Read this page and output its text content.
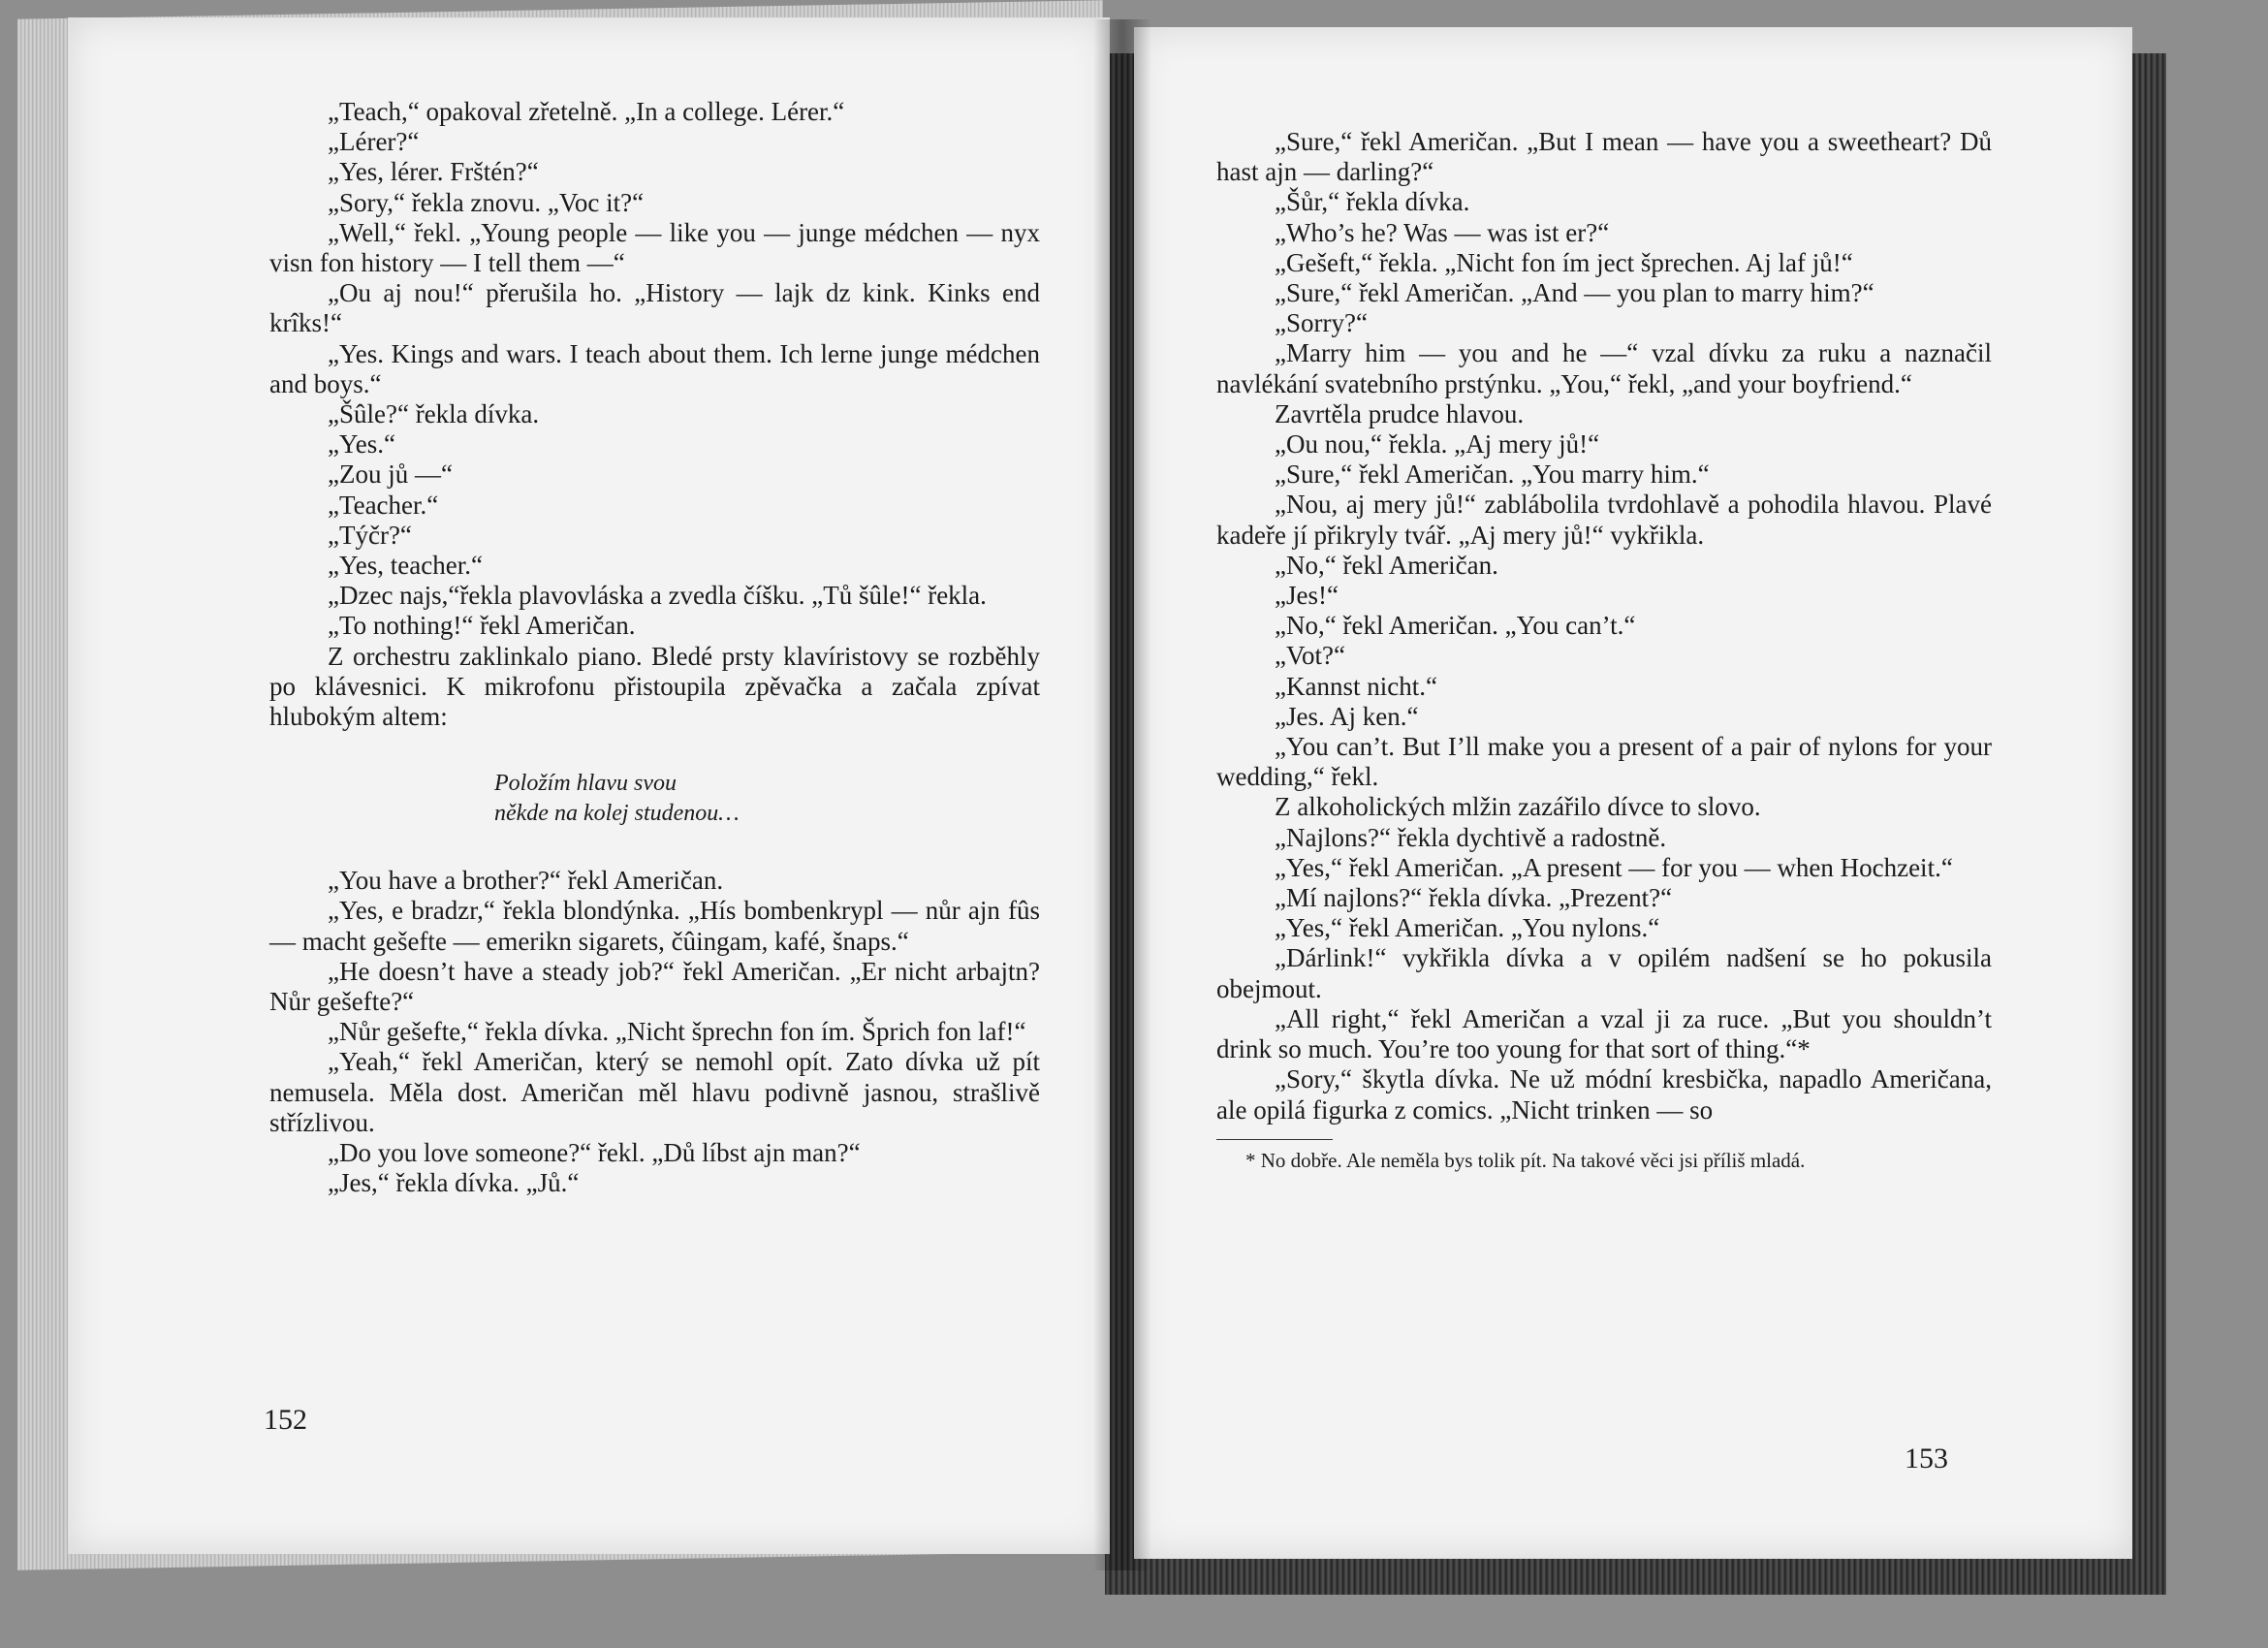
„Teach,“ opakoval zřetelně. „In a college. Lérer.“

„Lérer?“

„Yes, lérer. Frštén?“

„Sory,“ řekla znovu. „Voc it?“

„Well,“ řekl. „Young people — like you — junge médchen — nyx visn fon history — I tell them —“

„Ou aj nou!“ přerušila ho. „History — lajk dz kink. Kinks end krîks!“

„Yes. Kings and wars. I teach about them. Ich lerne junge médchen and boys.“

„Šûle?“ řekla dívka.

„Yes.“

„Zou jů —“

„Teacher.“

„Týčr?“

„Yes, teacher.“

„Dzec najs,“řekla plavovláska a zvedla číšku. „Tů šûle!“ řekla.

„To nothing!“ řekl Američan.

Z orchestru zaklinkalo piano. Bledé prsty klavíristovy se rozběhly po klávesnici. K mikrofonu přistoupila zpěvačka a začala zpívat hlubokým altem:

Položím hlavu svou
někde na kolej studenou…

„You have a brother?“ řekl Američan.

„Yes, e bradzr,“ řekla blondýnka. „Hís bombenkrypl — nůr ajn fûs — macht gešefte — emerikn sigarets, čûingam, kafé, šnaps.“

„He doesn’t have a steady job?“ řekl Američan. „Er nicht arbajtn? Nůr gešefte?“

„Nůr gešefte,“ řekla dívka. „Nicht šprechn fon ím. Šprich fon laf!“

„Yeah,“ řekl Američan, který se nemohl opít. Zato dívka už pít nemusela. Měla dost. Američan měl hlavu podivně jasnou, strašlivě střízlivou.

„Do you love someone?“ řekl. „Dů líbst ajn man?“

„Jes,“ řekla dívka. „Jů.“

152

„Sure,“ řekl Američan. „But I mean — have you a sweetheart? Dů hast ajn — darling?“

„Šůr,“ řekla dívka.

„Who’s he? Was — was ist er?“

„Gešeft,“ řekla. „Nicht fon ím ject šprechen. Aj laf jů!“

„Sure,“ řekl Američan. „And — you plan to marry him?“

„Sorry?“

„Marry him — you and he —“ vzal dívku za ruku a naznačil navlékání svatebního prstýnku. „You,“ řekl, „and your boyfriend.“

Zavrtěla prudce hlavou.

„Ou nou,“ řekla. „Aj mery jů!“

„Sure,“ řekl Američan. „You marry him.“

„Nou, aj mery jů!“ zablábolila tvrdohlavě a pohodila hlavou. Plavé kadeře jí přikryly tvář. „Aj mery jů!“ vykřikla.

„No,“ řekl Američan.

„Jes!“

„No,“ řekl Američan. „You can’t.“

„Vot?“

„Kannst nicht.“

„Jes. Aj ken.“

„You can’t. But I’ll make you a present of a pair of nylons for your wedding,“ řekl.

Z alkoholických mlžin zazářilo dívce to slovo.

„Najlons?“ řekla dychtivě a radostně.

„Yes,“ řekl Američan. „A present — for you — when Hochzeit.“

„Mí najlons?“ řekla dívka. „Prezent?“

„Yes,“ řekl Američan. „You nylons.“

„Dárlink!“ vykřikla dívka a v opilém nadšení se ho pokusila obejmout.

„All right,“ řekl Američan a vzal ji za ruce. „But you shouldn’t drink so much. You’re too young for that sort of thing.“*

„Sory,“ škytla dívka. Ne už módní kresbička, napadlo Američana, ale opilá figurka z comics. „Nicht trinken — so

* No dobře. Ale neměla bys tolik pít. Na takové věci jsi příliš mladá.

153
